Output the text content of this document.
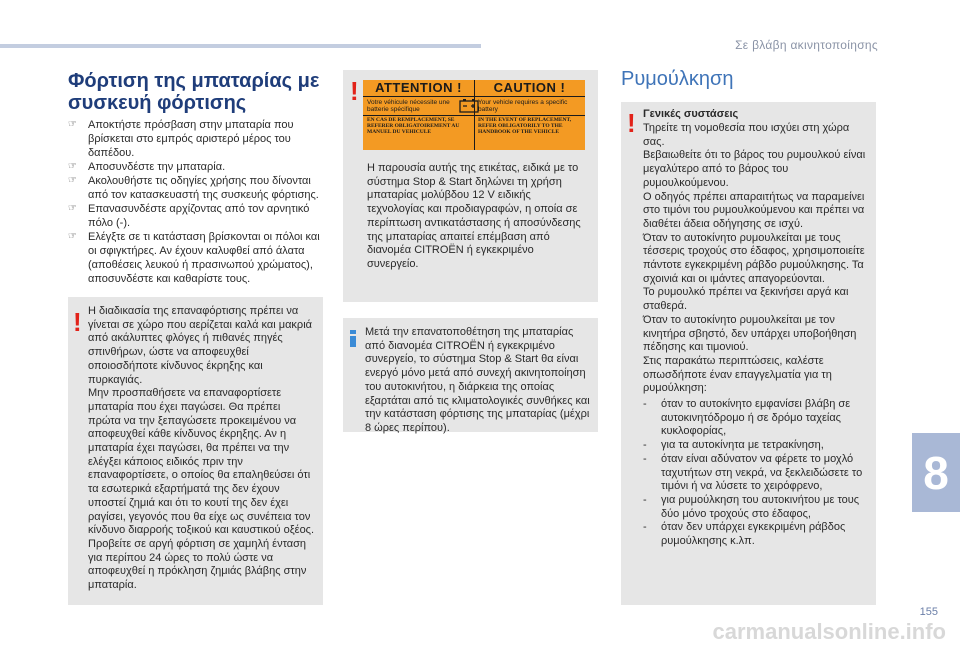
Σε βλάβη ακινητοποίησης
Φόρτιση της μπαταρίας με συσκευή φόρτισης
☞ Αποκτήστε πρόσβαση στην μπαταρία που βρίσκεται στο εμπρός αριστερό μέρος του δαπέδου.
☞ Αποσυνδέστε την μπαταρία.
☞ Ακολουθήστε τις οδηγίες χρήσης που δίνονται από τον κατασκευαστή της συσκευής φόρτισης.
☞ Επανασυνδέστε αρχίζοντας από τον αρνητικό πόλο (-).
☞ Ελέγξτε σε τι κατάσταση βρίσκονται οι πόλοι και οι σφιγκτήρες. Αν έχουν καλυφθεί από άλατα (αποθέσεις λευκού ή πρασινωπού χρώματος), αποσυνδέστε και καθαρίστε τους.
! Η διαδικασία της επαναφόρτισης πρέπει να γίνεται σε χώρο που αερίζεται καλά και μακριά από ακάλυπτες φλόγες ή πιθανές πηγές σπινθήρων, ώστε να αποφευχθεί οποιοσδήποτε κίνδυνος έκρηξης και πυρκαγιάς.
Μην προσπαθήσετε να επαναφορτίσετε μπαταρία που έχει παγώσει. Θα πρέπει πρώτα να την ξεπαγώσετε προκειμένου να αποφευχθεί κάθε κίνδυνος έκρηξης. Αν η μπαταρία έχει παγώσει, θα πρέπει να την ελέγξει κάποιος ειδικός πριν την επαναφορτίσετε, ο οποίος θα επαληθεύσει ότι τα εσωτερικά εξαρτήματά της δεν έχουν υποστεί ζημιά και ότι το κουτί της δεν έχει ραγίσει, γεγονός που θα είχε ως συνέπεια τον κίνδυνο διαρροής τοξικού και καυστικού οξέος.
Προβείτε σε αργή φόρτιση σε χαμηλή ένταση για περίπου 24 ώρες το πολύ ώστε να αποφευχθεί η πρόκληση ζημιάς βλάβης στην μπαταρία.
!	ATTENTION !
Votre véhicule nécessite une batterie spécifique
EN CAS DE REMPLACEMENT, SE REFERER OBLIGATOIREMENT AU MANUEL DU VEHICULE
CAUTION !
Your vehicle requires a specific battery
IN THE EVENT OF REPLACEMENT, REFER OBLIGATORILY TO THE HANDBOOK OF THE VEHICLE
Η παρουσία αυτής της ετικέτας, ειδικά με το σύστημα Stop & Start δηλώνει τη χρήση μπαταρίας μολύβδου 12 V ειδικής τεχνολογίας και προδιαγραφών, η οποία σε περίπτωση αντικατάστασης ή αποσύνδεσης της μπαταρίας απαιτεί επέμβαση από διανομέα CITROËN ή εγκεκριμένο συνεργείο.
Μετά την επανατοποθέτηση της μπαταρίας από διανομέα CITROËN ή εγκεκριμένο συνεργείο, το σύστημα Stop & Start θα είναι ενεργό μόνο μετά από συνεχή ακινητοποίηση του αυτοκινήτου, η διάρκεια της οποίας εξαρτάται από τις κλιματολογικές συνθήκες και την κατάσταση φόρτισης της μπαταρίας (μέχρι 8 ώρες περίπου).
Ρυμούλκηση
! Γενικές συστάσεις
Τηρείτε τη νομοθεσία που ισχύει στη χώρα σας.
Βεβαιωθείτε ότι το βάρος του ρυμουλκού είναι μεγαλύτερο από το βάρος του ρυμουλκούμενου.
Ο οδηγός πρέπει απαραιτήτως να παραμείνει στο τιμόνι του ρυμουλκούμενου και πρέπει να διαθέτει άδεια οδήγησης σε ισχύ.
Όταν το αυτοκίνητο ρυμουλκείται με τους τέσσερις τροχούς στο έδαφος, χρησιμοποιείτε πάντοτε εγκεκριμένη ράβδο ρυμούλκησης. Τα σχοινιά και οι ιμάντες απαγορεύονται.
Το ρυμουλκό πρέπει να ξεκινήσει αργά και σταθερά.
Όταν το αυτοκίνητο ρυμουλκείται με τον κινητήρα σβηστό, δεν υπάρχει υποβοήθηση πέδησης και τιμονιού.
Στις παρακάτω περιπτώσεις, καλέστε οπωσδήποτε έναν επαγγελματία για τη ρυμούλκηση:
- όταν το αυτοκίνητο εμφανίσει βλάβη σε αυτοκινητόδρομο ή σε δρόμο ταχείας κυκλοφορίας,
- για τα αυτοκίνητα με τετρακίνηση,
- όταν είναι αδύνατον να φέρετε το μοχλό ταχυτήτων στη νεκρά, να ξεκλειδώσετε το τιμόνι ή να λύσετε το χειρόφρενο,
- για ρυμούλκηση του αυτοκινήτου με τους δύο μόνο τροχούς στο έδαφος,
- όταν δεν υπάρχει εγκεκριμένη ράβδος ρυμούλκησης κ.λπ.
8
155
carmanualsonline.info
